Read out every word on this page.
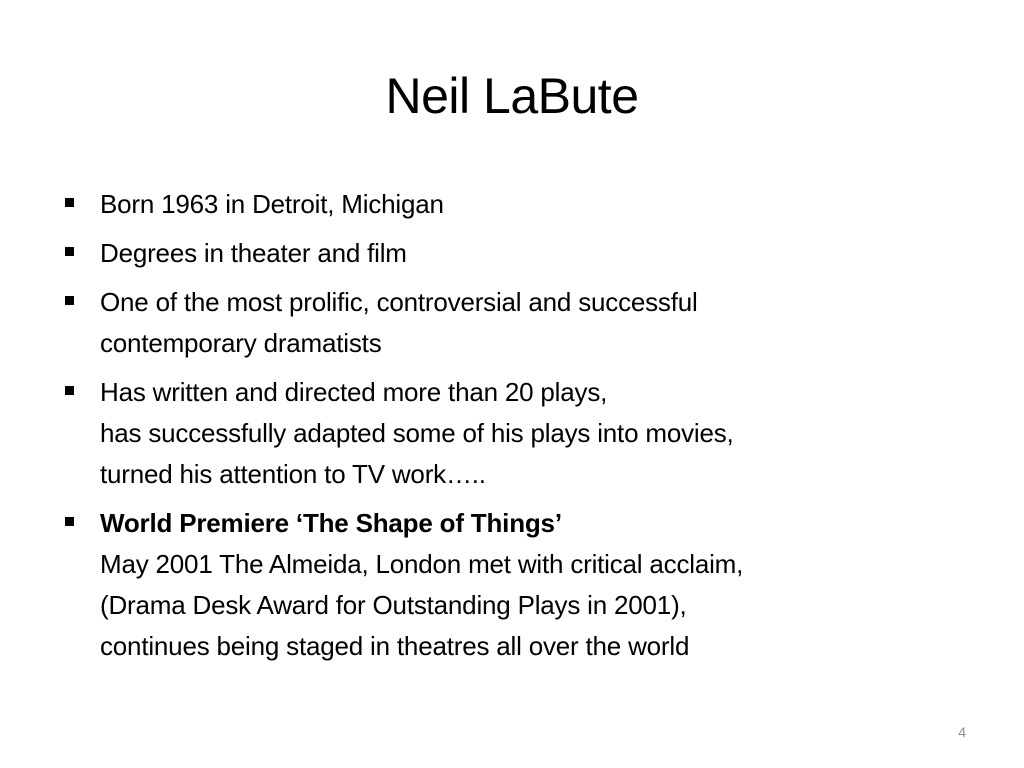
Neil LaBute
Born 1963 in Detroit, Michigan
Degrees in theater and film
One of the most prolific, controversial and successful
contemporary dramatists
Has written and directed more than 20 plays,
has successfully adapted some of his plays into movies,
turned his attention to TV work…..
World Premiere ‘The Shape of Things’
May 2001 The Almeida, London met with critical acclaim,
(Drama Desk Award for Outstanding Plays in 2001),
continues being staged in theatres all over the world
4
